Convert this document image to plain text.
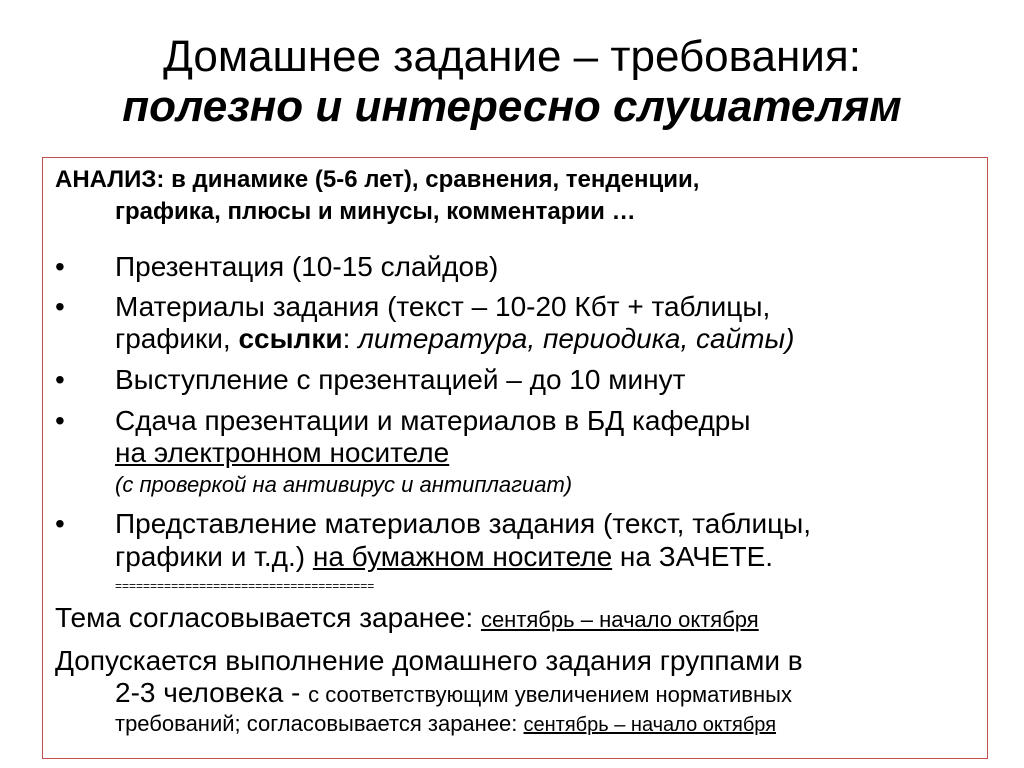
Домашнее задание – требования:
полезно и интересно слушателям
АНАЛИЗ: в динамике (5-6 лет), сравнения, тенденции,
графика, плюсы и минусы, комментарии …
• Презентация (10-15 слайдов)
• Материалы задания (текст – 10-20 Кбт + таблицы,
графики, ссылки: литература, периодика, сайты)
• Выступление с презентацией – до 10 минут
• Сдача презентации и материалов в БД кафедры
на электронном носителе
(с проверкой на антивирус и антиплагиат)
• Представление материалов задания (текст, таблицы,
графики и т.д.) на бумажном носителе на ЗАЧЕТЕ.
=====================================
Тема согласовывается заранее: сентябрь – начало октября
Допускается выполнение домашнего задания группами в
2-3 человека - с соответствующим увеличением нормативных
требований; согласовывается заранее: сентябрь – начало октября
